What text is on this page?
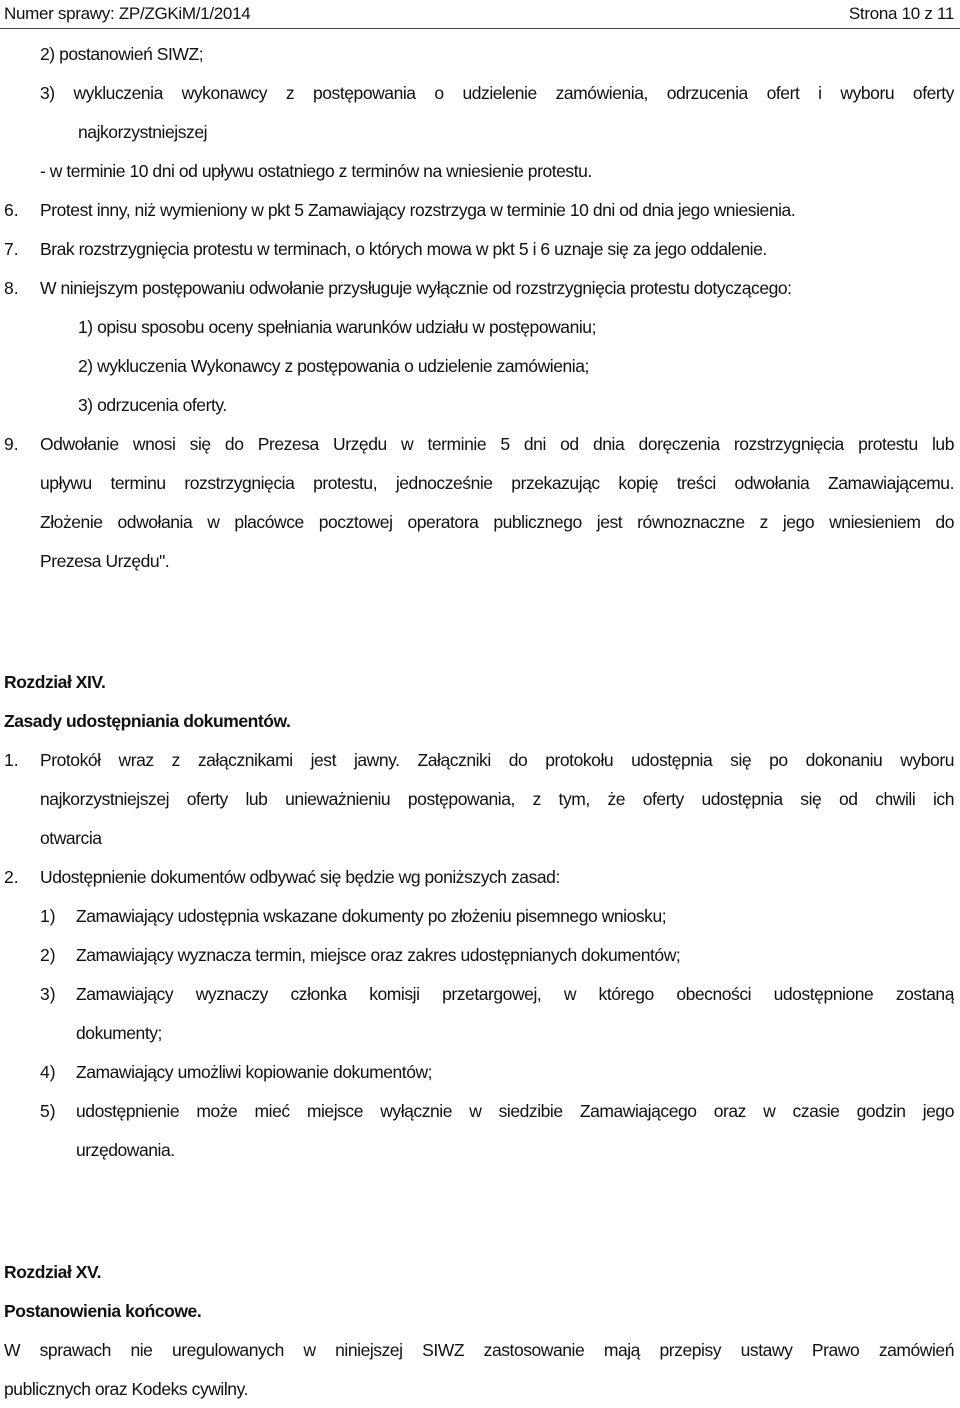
Numer sprawy: ZP/ZGKiM/1/2014	Strona 10 z 11
2) postanowień SIWZ;
3) wykluczenia wykonawcy z postępowania o udzielenie zamówienia, odrzucenia ofert i wyboru oferty
najkorzystniejszej
- w terminie 10 dni od upływu ostatniego z terminów na wniesienie protestu.
6. Protest inny, niż wymieniony w pkt 5 Zamawiający rozstrzyga w terminie 10 dni od dnia jego wniesienia.
7. Brak rozstrzygnięcia protestu w terminach, o których mowa w pkt 5 i 6 uznaje się za jego oddalenie.
8. W niniejszym postępowaniu odwołanie przysługuje wyłącznie od rozstrzygnięcia protestu dotyczącego:
1) opisu sposobu oceny spełniania warunków udziału w postępowaniu;
2) wykluczenia Wykonawcy z postępowania o udzielenie zamówienia;
3) odrzucenia oferty.
9. Odwołanie wnosi się do Prezesa Urzędu w terminie 5 dni od dnia doręczenia rozstrzygnięcia protestu lub
upływu terminu rozstrzygnięcia protestu, jednocześnie przekazując kopię treści odwołania Zamawiającemu.
Złożenie odwołania w placówce pocztowej operatora publicznego jest równoznaczne z jego wniesieniem do
Prezesa Urzędu".
Rozdział XIV.
Zasady udostępniania dokumentów.
1. Protokół wraz z załącznikami jest jawny. Załączniki do protokołu udostępnia się po dokonaniu wyboru
najkorzystniejszej oferty lub unieważnieniu postępowania, z tym, że oferty udostępnia się od chwili ich
otwarcia
2. Udostępnienie dokumentów odbywać się będzie wg poniższych zasad:
1) Zamawiający udostępnia wskazane dokumenty po złożeniu pisemnego wniosku;
2) Zamawiający wyznacza termin, miejsce oraz zakres udostępnianych dokumentów;
3) Zamawiający wyznaczy członka komisji przetargowej, w którego obecności udostępnione zostaną
dokumenty;
4) Zamawiający umożliwi kopiowanie dokumentów;
5) udostępnienie może mieć miejsce wyłącznie w siedzibie Zamawiającego oraz w czasie godzin jego
urzędowania.
Rozdział XV.
Postanowienia końcowe.
W sprawach nie uregulowanych w niniejszej SIWZ zastosowanie mają przepisy ustawy Prawo zamówień
publicznych oraz Kodeks cywilny.
